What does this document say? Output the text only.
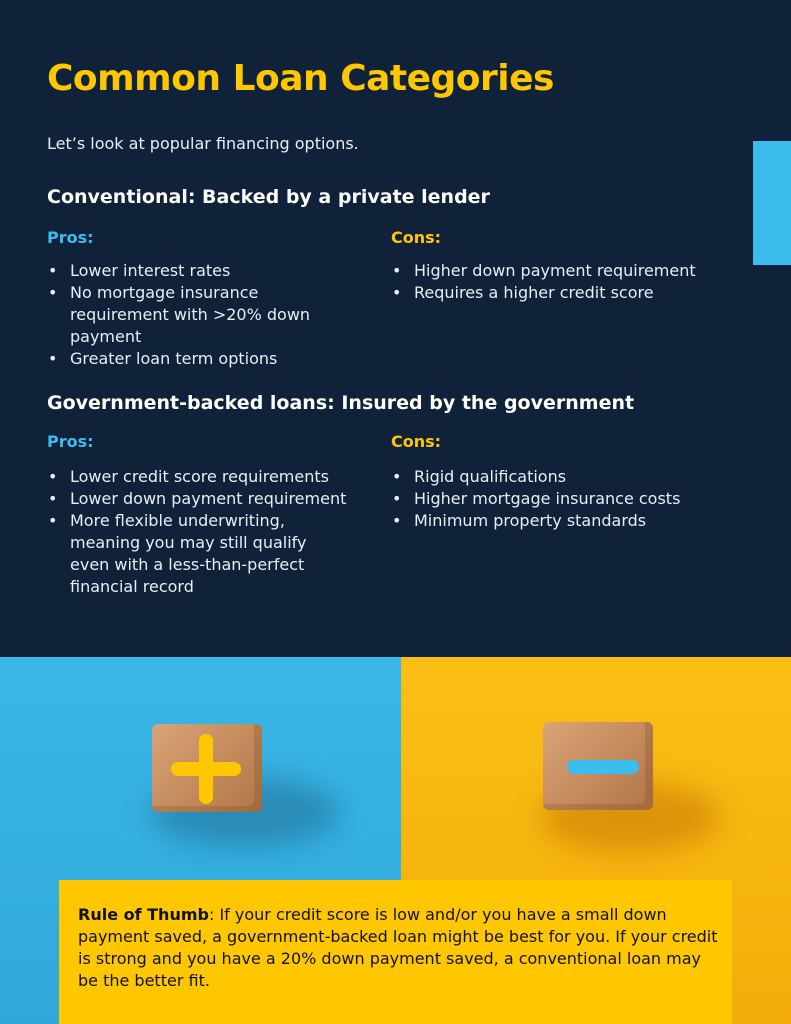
Common Loan Categories

Let’s look at popular financing options.

Conventional: Backed by a private lender

Pros:	Cons:

• Lower interest rates
• No mortgage insurance requirement with >20% down payment
• Greater loan term options
• Higher down payment requirement
• Requires a higher credit score
Government-backed loans: Insured by the government

Pros:	Cons:

• Lower credit score requirements
• Lower down payment requirement
• More flexible underwriting, meaning you may still qualify even with a less-than-perfect financial record
• Rigid qualifications
• Higher mortgage insurance costs
• Minimum property standards

Rule of Thumb: If your credit score is low and/or you have a small down payment saved, a government-backed loan might be best for you. If your credit is strong and you have a 20% down payment saved, a conventional loan may be the better fit.
